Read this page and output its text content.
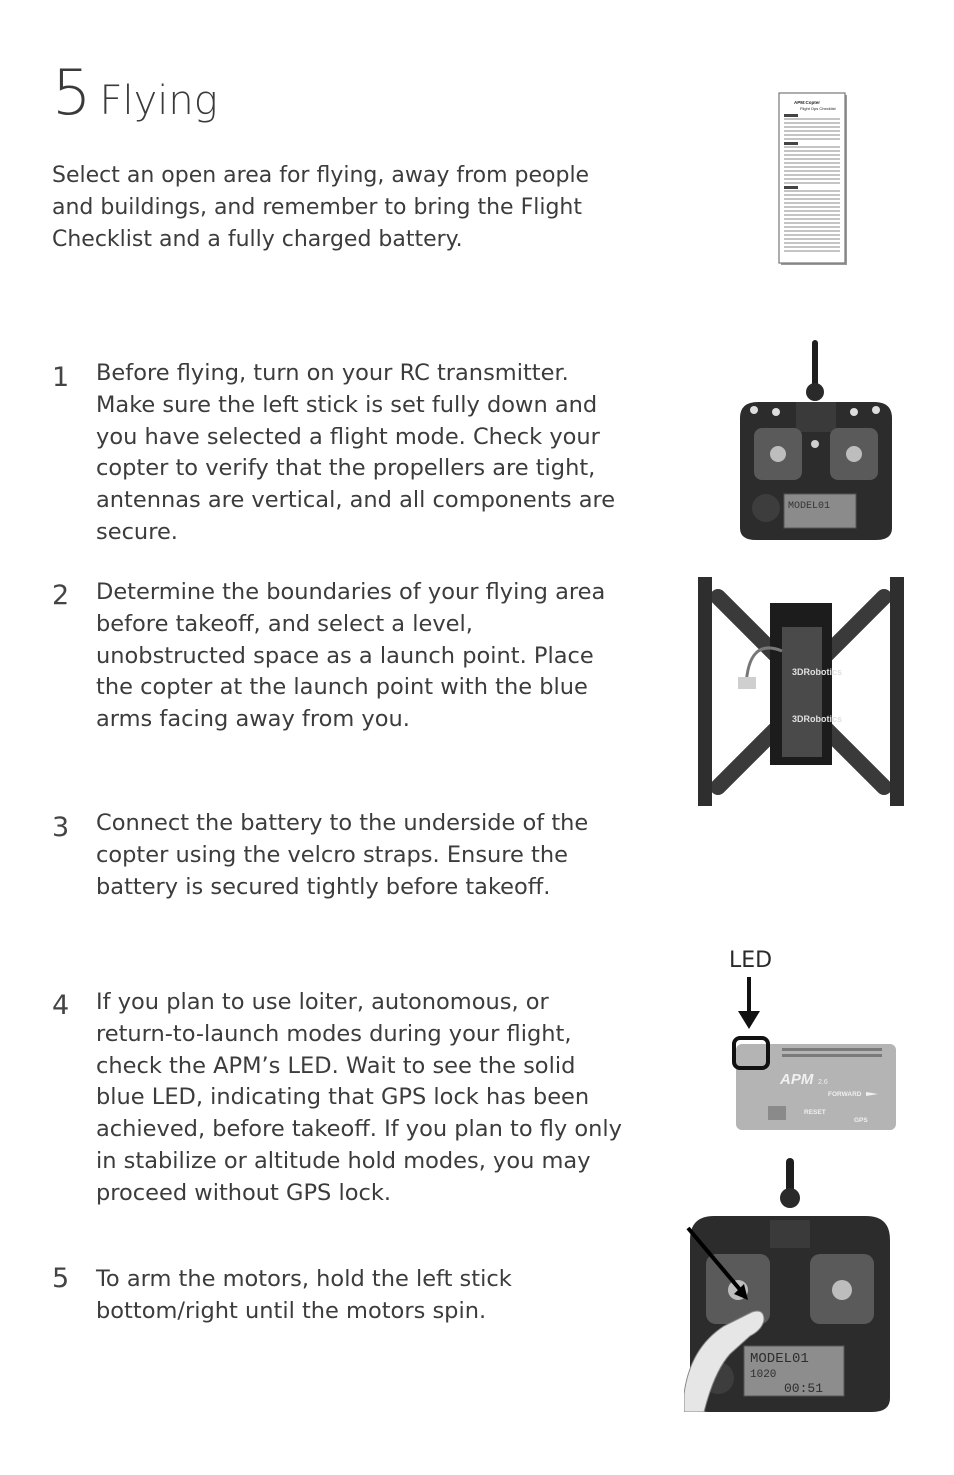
5 Flying

Select an open area for flying, away from people and buildings, and remember to bring the Flight Checklist and a fully charged battery.

APM:Copter
Flight Ops Checklist
1 Before flying, turn on your RC transmitter. Make sure the left stick is set fully down and you have selected a flight mode. Check your copter to verify that the propellers are tight, antennas are vertical, and all components are secure.

MODEL01
2 Determine the boundaries of your flying area before takeoff, and select a level, unobstructed space as a launch point. Place the copter at the launch point with the blue arms facing away from you.

3DRobotics
3DRobotics
3 Connect the battery to the underside of the copter using the velcro straps. Ensure the battery is secured tightly before takeoff.

LED
4 If you plan to use loiter, autonomous, or return-to-launch modes during your flight, check the APM’s LED. Wait to see the solid blue LED, indicating that GPS lock has been achieved, before takeoff. If you plan to fly only in stabilize or altitude hold modes, you may proceed without GPS lock.

APM 2.6
FORWARD
RESET
GPS
5 To arm the motors, hold the left stick bottom/right until the motors spin.

MODEL01
1020
00:51
